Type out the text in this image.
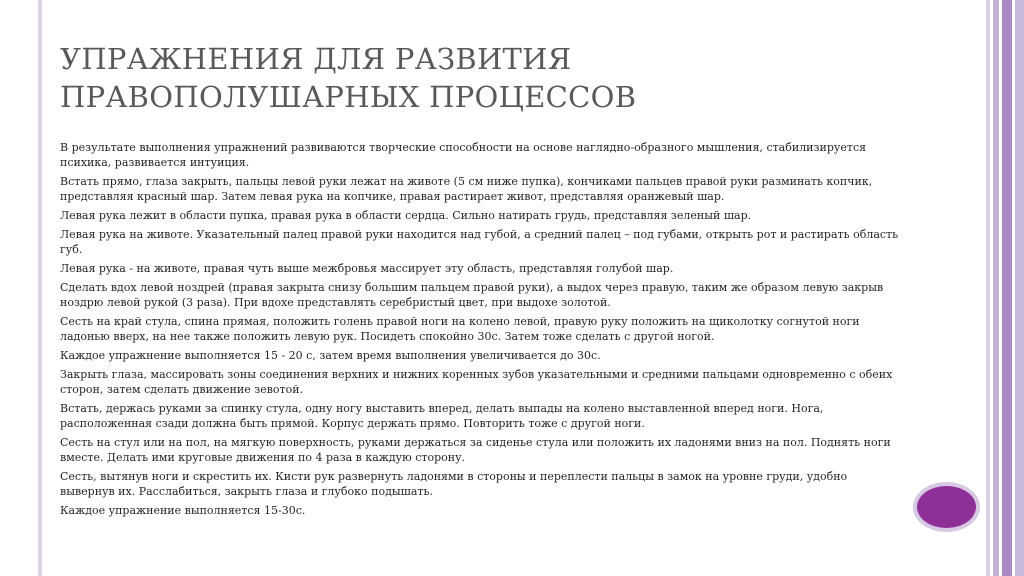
УПРАЖНЕНИЯ ДЛЯ РАЗВИТИЯ
ПРАВОПОЛУШАРНЫХ ПРОЦЕССОВ

В результате выполнения упражнений развиваются творческие способности на основе наглядно-образного мышления, стабилизируется психика, развивается интуиция.

Встать прямо, глаза закрыть, пальцы левой руки лежат на животе (5 см ниже пупка), кончиками пальцев правой руки разминать копчик, представляя красный шар. Затем левая рука на копчике, правая растирает живот, представляя оранжевый шар.

Левая рука лежит в области пупка, правая рука в области сердца. Сильно натирать грудь, представляя зеленый шар.

Левая рука на животе. Указательный палец правой руки находится над губой, а средний палец – под губами, открыть рот и растирать область губ.

Левая рука - на животе, правая чуть выше межбровья массирует эту область, представляя голубой шар.

Сделать вдох левой ноздрей (правая закрыта снизу большим пальцем правой руки), а выдох через правую, таким же образом левую закрыв ноздрю левой рукой (3 раза). При вдохе представлять серебристый цвет, при выдохе золотой.

Сесть на край стула, спина прямая, положить голень правой ноги на колено левой, правую руку положить на щиколотку согнутой ноги ладонью вверх, на нее также положить левую рук. Посидеть спокойно 30с. Затем тоже сделать с другой ногой.

Каждое упражнение выполняется 15 - 20 с, затем время выполнения увеличивается до 30с.

Закрыть глаза, массировать зоны соединения верхних и нижних коренных зубов указательными и средними пальцами одновременно с обеих сторон, затем сделать движение зевотой.

Встать, держась руками за спинку стула, одну ногу выставить вперед, делать выпады на колено выставленной вперед ноги. Нога, расположенная сзади должна быть прямой. Корпус держать прямо. Повторить тоже с другой ноги.

Сесть на стул или на пол, на мягкую поверхность, руками держаться за сиденье стула или положить их ладонями вниз на пол. Поднять ноги вместе. Делать ими круговые движения по 4 раза в каждую сторону.

Сесть, вытянув ноги и скрестить их. Кисти рук развернуть ладонями в стороны и переплести пальцы в замок на уровне груди, удобно вывернув их. Расслабиться, закрыть глаза и глубоко подышать.

Каждое упражнение выполняется 15-30с.
